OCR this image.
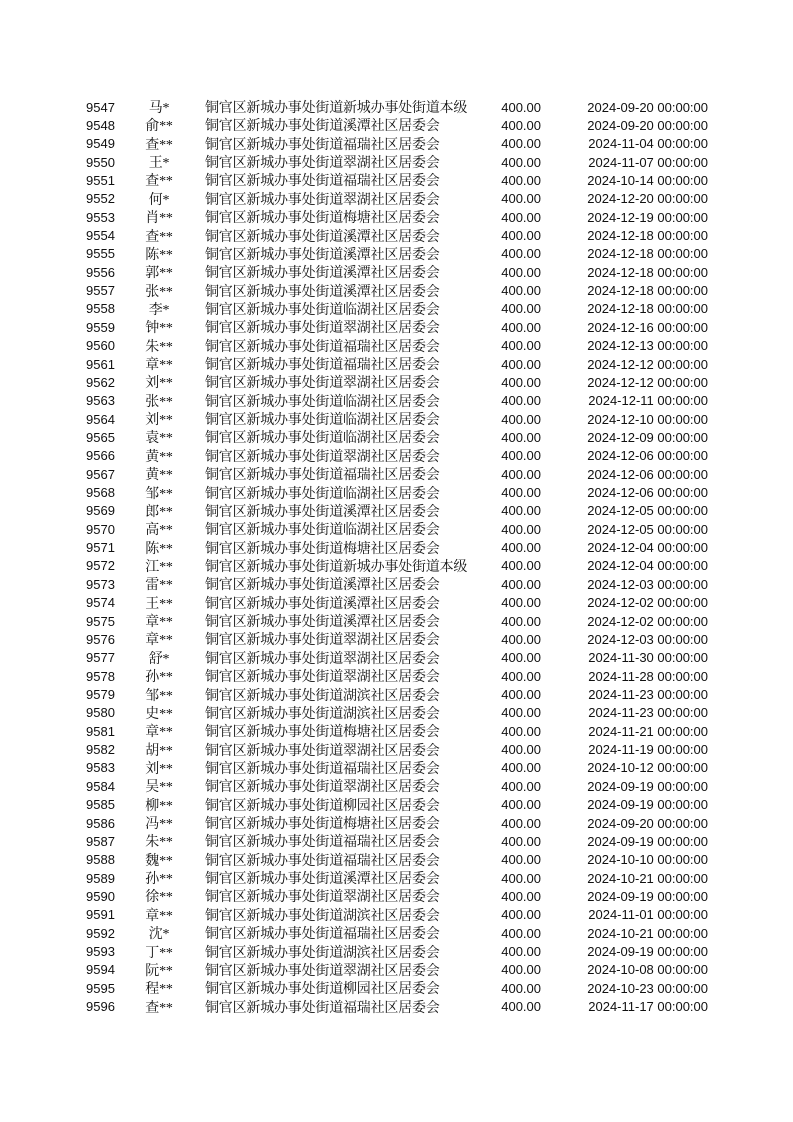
9547	马*	铜官区新城办事处街道新城办事处街道本级	400.00	2024-09-20 00:00:00
9548	俞**	铜官区新城办事处街道溪潭社区居委会	400.00	2024-09-20 00:00:00
9549	查**	铜官区新城办事处街道福瑞社区居委会	400.00	2024-11-04 00:00:00
9550	王*	铜官区新城办事处街道翠湖社区居委会	400.00	2024-11-07 00:00:00
9551	查**	铜官区新城办事处街道福瑞社区居委会	400.00	2024-10-14 00:00:00
9552	何*	铜官区新城办事处街道翠湖社区居委会	400.00	2024-12-20 00:00:00
9553	肖**	铜官区新城办事处街道梅塘社区居委会	400.00	2024-12-19 00:00:00
9554	查**	铜官区新城办事处街道溪潭社区居委会	400.00	2024-12-18 00:00:00
9555	陈**	铜官区新城办事处街道溪潭社区居委会	400.00	2024-12-18 00:00:00
9556	郭**	铜官区新城办事处街道溪潭社区居委会	400.00	2024-12-18 00:00:00
9557	张**	铜官区新城办事处街道溪潭社区居委会	400.00	2024-12-18 00:00:00
9558	李*	铜官区新城办事处街道临湖社区居委会	400.00	2024-12-18 00:00:00
9559	钟**	铜官区新城办事处街道翠湖社区居委会	400.00	2024-12-16 00:00:00
9560	朱**	铜官区新城办事处街道福瑞社区居委会	400.00	2024-12-13 00:00:00
9561	章**	铜官区新城办事处街道福瑞社区居委会	400.00	2024-12-12 00:00:00
9562	刘**	铜官区新城办事处街道翠湖社区居委会	400.00	2024-12-12 00:00:00
9563	张**	铜官区新城办事处街道临湖社区居委会	400.00	2024-12-11 00:00:00
9564	刘**	铜官区新城办事处街道临湖社区居委会	400.00	2024-12-10 00:00:00
9565	袁**	铜官区新城办事处街道临湖社区居委会	400.00	2024-12-09 00:00:00
9566	黄**	铜官区新城办事处街道翠湖社区居委会	400.00	2024-12-06 00:00:00
9567	黄**	铜官区新城办事处街道福瑞社区居委会	400.00	2024-12-06 00:00:00
9568	邹**	铜官区新城办事处街道临湖社区居委会	400.00	2024-12-06 00:00:00
9569	郎**	铜官区新城办事处街道溪潭社区居委会	400.00	2024-12-05 00:00:00
9570	高**	铜官区新城办事处街道临湖社区居委会	400.00	2024-12-05 00:00:00
9571	陈**	铜官区新城办事处街道梅塘社区居委会	400.00	2024-12-04 00:00:00
9572	江**	铜官区新城办事处街道新城办事处街道本级	400.00	2024-12-04 00:00:00
9573	雷**	铜官区新城办事处街道溪潭社区居委会	400.00	2024-12-03 00:00:00
9574	王**	铜官区新城办事处街道溪潭社区居委会	400.00	2024-12-02 00:00:00
9575	章**	铜官区新城办事处街道溪潭社区居委会	400.00	2024-12-02 00:00:00
9576	章**	铜官区新城办事处街道翠湖社区居委会	400.00	2024-12-03 00:00:00
9577	舒*	铜官区新城办事处街道翠湖社区居委会	400.00	2024-11-30 00:00:00
9578	孙**	铜官区新城办事处街道翠湖社区居委会	400.00	2024-11-28 00:00:00
9579	邹**	铜官区新城办事处街道湖滨社区居委会	400.00	2024-11-23 00:00:00
9580	史**	铜官区新城办事处街道湖滨社区居委会	400.00	2024-11-23 00:00:00
9581	章**	铜官区新城办事处街道梅塘社区居委会	400.00	2024-11-21 00:00:00
9582	胡**	铜官区新城办事处街道翠湖社区居委会	400.00	2024-11-19 00:00:00
9583	刘**	铜官区新城办事处街道福瑞社区居委会	400.00	2024-10-12 00:00:00
9584	吴**	铜官区新城办事处街道翠湖社区居委会	400.00	2024-09-19 00:00:00
9585	柳**	铜官区新城办事处街道柳园社区居委会	400.00	2024-09-19 00:00:00
9586	冯**	铜官区新城办事处街道梅塘社区居委会	400.00	2024-09-20 00:00:00
9587	朱**	铜官区新城办事处街道福瑞社区居委会	400.00	2024-09-19 00:00:00
9588	魏**	铜官区新城办事处街道福瑞社区居委会	400.00	2024-10-10 00:00:00
9589	孙**	铜官区新城办事处街道溪潭社区居委会	400.00	2024-10-21 00:00:00
9590	徐**	铜官区新城办事处街道翠湖社区居委会	400.00	2024-09-19 00:00:00
9591	章**	铜官区新城办事处街道湖滨社区居委会	400.00	2024-11-01 00:00:00
9592	沈*	铜官区新城办事处街道福瑞社区居委会	400.00	2024-10-21 00:00:00
9593	丁**	铜官区新城办事处街道湖滨社区居委会	400.00	2024-09-19 00:00:00
9594	阮**	铜官区新城办事处街道翠湖社区居委会	400.00	2024-10-08 00:00:00
9595	程**	铜官区新城办事处街道柳园社区居委会	400.00	2024-10-23 00:00:00
9596	查**	铜官区新城办事处街道福瑞社区居委会	400.00	2024-11-17 00:00:00
